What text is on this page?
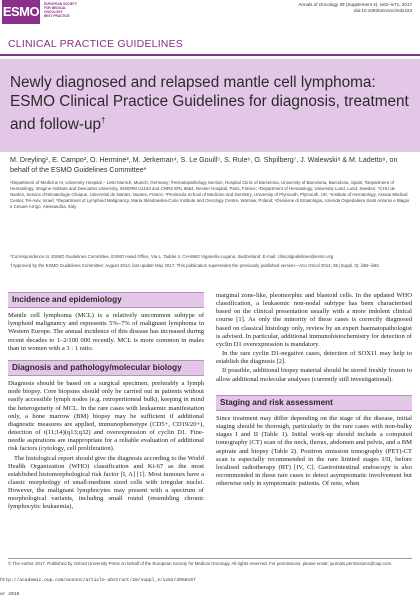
ESMO EUROPEAN SOCIETY
FOR MEDICAL ONCOLOGY
BEST PRACTICE
Annals of Oncology 28 (Supplement 4): iv62–iv71, 2017
doi:10.1093/annonc/mdx223
CLINICAL PRACTICE GUIDELINES
Newly diagnosed and relapsed mantle cell lymphoma: ESMO Clinical Practice Guidelines for diagnosis, treatment and follow-up†
M. Dreyling¹, E. Campo², O. Hermine³, M. Jerkeman⁴, S. Le Gouill⁵, S. Rule⁶, O. Shpilberg⁷, J. Walewski⁸ & M. Ladetto⁹, on behalf of the ESMO Guidelines Committee*
¹Department of Medicine III, University Hospital – LMU Munich, Munich, Germany; ²Hematopathology Section, Hospital Clinic of Barcelona, University of Barcelona, Barcelona, Spain; ³Department of Hematology, Imagine Institute and Descartes University, INSERM U1163 and CNRS ERL 8564, Necker Hospital, Paris, France; ⁴Department of Hematology, University Lund, Lund, Sweden; ⁵CHU de Nantes, Service d'Hématologie Clinique, Université de Nantes, Nantes, France; ⁶Peninsula School of Medicine and Dentistry, University of Plymouth, Plymouth, UK; ⁷Institute of Hematology, Assuta Medical Center, Tel-Aviv, Israel; ⁸Department of Lymphoid Malignancy, Maria Sklodowska-Curie Institute and Oncology Centre, Warsaw, Poland; ⁹Divisione di Ematologia, Azienda Ospedaliera Santi Antonio e Biagio e Cesare Arrigo, Alessandria, Italy

*Correspondence to: ESMO Guidelines Committee, ESMO Head Office, Via L. Taddei 4, CH-6962 Viganello-Lugano, Switzerland. E-mail: clinicalguidelines@esmo.org

†Approved by the ESMO Guidelines Committee: August 2014, last update May 2017. This publication supersedes the previously published version—Ann Oncol 2014; 25 (Suppl. 3): iii83–iii92.

Incidence and epidemiology

Mantle cell lymphoma (MCL) is a relatively uncommon subtype of lymphoid malignancy and represents 5%–7% of malignant lymphoma in Western Europe. The annual incidence of this disease has increased during recent decades to 1–2/100 000 recently. MCL is more common in males than in women with a 3 : 1 ratio.

Diagnosis and pathology/molecular biology

Diagnosis should be based on a surgical specimen, preferably a lymph node biopsy. Core biopsies should only be carried out in patients without easily accessible lymph nodes (e.g. retroperitoneal bulk), keeping in mind the heterogeneity of MCL. In the rare cases with leukaemic manifestation only, a bone marrow (BM) biopsy may be sufficient if additional diagnostic measures are applied, immunophenotype (CD5+, CD19/20+), detection of t(11;14)(q13;q32) and overexpression of cyclin D1. Fine-needle aspirations are inappropriate for a reliable evaluation of additional risk factors (cytology, cell proliferation).

The histological report should give the diagnosis according to the World Health Organization (WHO) classification and Ki-67 as the most established histomorphological risk factor [I, A] [1]. Most tumours have a classic morphology of small-medium sized cells with irregular nuclei. However, the malignant lymphocytes may present with a spectrum of morphological variants, including small round (resembling chronic lymphocytic leukaemia),

marginal zone-like, pleomorphic and blastoid cells. In the updated WHO classification, a leukaemic non-nodal subtype has been characterised based on the clinical presentation usually with a more indolent clinical course [1]. As only the minority of these cases is correctly diagnosed based on classical histology only, review by an expert haematopathologist is advised. In particular, additional immunohistochemistry for detection of cyclin D1 overexpression is mandatory.

In the rare cyclin D1-negative cases, detection of SOX11 may help to establish the diagnosis [2].

If possible, additional biopsy material should be stored freshly frozen to allow additional molecular analyses (currently still investigational).

Staging and risk assessment

Since treatment may differ depending on the stage of the disease, initial staging should be thorough, particularly in the rare cases with non-bulky stages I and II (Table 1). Initial work-up should include a computed tomography (CT) scan of the neck, thorax, abdomen and pelvis, and a BM aspirate and biopsy (Table 2). Positron emission tomography (PET)-CT scan is especially recommended in the rare limited stages I/II, before localised radiotherapy (RT) [IV, C]. Gastrointestinal endoscopy is also recommended in these rare cases to detect asymptomatic involvement but otherwise only in symptomatic patients. Of note, when

© The Author 2017. Published by Oxford University Press on behalf of the European Society for Medical Oncology. All rights reserved. For permissions, please email: journals.permissions@oup.com.
http://academic.oup.com/annonc/article-abstract/28/suppl_4/iv62/3958157
ar 2018
